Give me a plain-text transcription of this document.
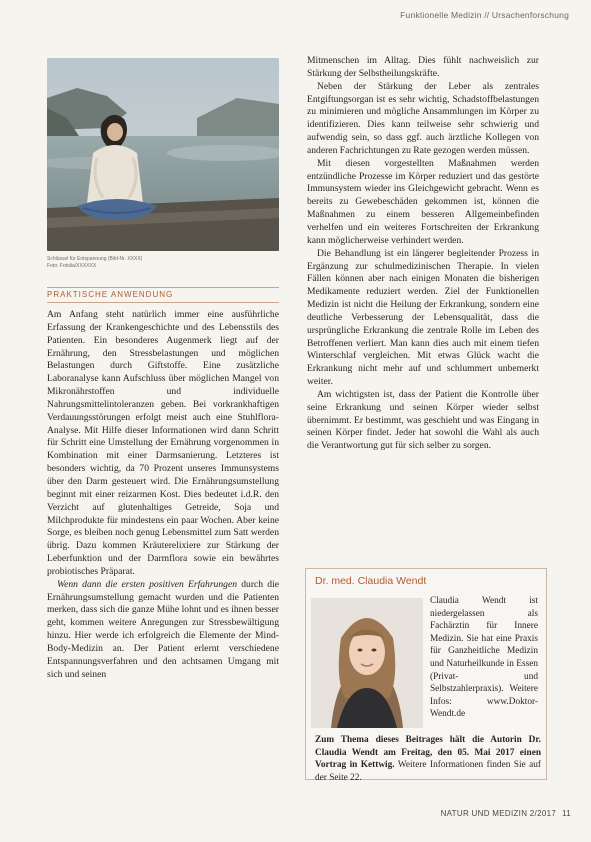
Funktionelle Medizin // Ursachenforschung
Schlüssel für Entspannung (Bild-Nr. XXXX)
Foto: Fotolia/XXXXXX
PRAKTISCHE ANWENDUNG

Am Anfang steht natürlich immer eine ausführliche Erfassung der Krankengeschichte und des Lebensstils des Patienten. Ein besonderes Augenmerk liegt auf der Ernährung, den Stressbelastungen und möglichen Belastungen durch Giftstoffe. Eine zusätzliche Laboranalyse kann Aufschluss über möglichen Mangel von Mikronährstoffen und individuelle Nahrungsmittelintoleranzen geben. Bei vorkrankhaftigen Verdauungsstörungen erfolgt meist auch eine Stuhlflora-Analyse. Mit Hilfe dieser Informationen wird dann Schritt für Schritt eine Umstellung der Ernährung vorgenommen in Kombination mit einer Darmsanierung. Letzteres ist besonders wichtig, da 70 Prozent unseres Immunsystems über den Darm gesteuert wird. Die Ernährungsumstellung beginnt mit einer reizarmen Kost. Dies bedeutet i.d.R. den Verzicht auf glutenhaltiges Getreide, Soja und Milchprodukte für mindestens ein paar Wochen. Aber keine Sorge, es bleiben noch genug Lebensmittel zum Satt werden übrig. Dazu kommen Kräuterelixiere zur Stärkung der Leberfunktion und der Darmflora sowie ein bewährtes probiotisches Präparat.

Wenn dann die ersten positiven Erfahrungen durch die Ernährungsumstellung gemacht wurden und die Patienten merken, dass sich die ganze Mühe lohnt und es ihnen besser geht, kommen weitere Anregungen zur Stressbewältigung hinzu. Hier werde ich erfolgreich die Elemente der Mind-Body-Medizin an. Der Patient erlernt verschiedene Entspannungsverfahren und den achtsamen Umgang mit sich und seinen

Mitmenschen im Alltag. Dies fühlt nachweislich zur Stärkung der Selbstheilungskräfte.

Neben der Stärkung der Leber als zentrales Entgiftungsorgan ist es sehr wichtig, Schadstoffbelastungen zu minimieren und mögliche Ansammlungen im Körper zu identifizieren. Dies kann teilweise sehr schwierig und aufwendig sein, so dass ggf. auch ärztliche Kollegen von anderen Fachrichtungen zu Rate gezogen werden müssen.

Mit diesen vorgestellten Maßnahmen werden entzündliche Prozesse im Körper reduziert und das gestörte Immunsystem wieder ins Gleichgewicht gebracht. Wenn es bereits zu Gewebeschäden gekommen ist, können die Maßnahmen zu einem besseren Allgemeinbefinden verhelfen und ein weiteres Fortschreiten der Erkrankung kann möglicherweise verhindert werden.

Die Behandlung ist ein längerer begleitender Prozess in Ergänzung zur schulmedizinischen Therapie. In vielen Fällen können aber nach einigen Monaten die bisherigen Medikamente reduziert werden. Ziel der Funktionellen Medizin ist nicht die Heilung der Erkrankung, sondern eine deutliche Verbesserung der Lebensqualität, dass die ursprüngliche Erkrankung die zentrale Rolle im Leben des Betroffenen verliert. Man kann dies auch mit einem tiefen Winterschlaf vergleichen. Mit etwas Glück wacht die Erkrankung nicht mehr auf und schlummert unbemerkt weiter.

Am wichtigsten ist, dass der Patient die Kontrolle über seine Erkrankung und seinen Körper wieder selbst übernimmt. Er bestimmt, was geschieht und was Eingang in seinen Körper findet. Jeder hat sowohl die Wahl als auch die Verantwortung gut für sich selber zu sorgen.

Dr. med. Claudia Wendt
Claudia Wendt ist niedergelassen als Fachärztin für Innere Medizin. Sie hat eine Praxis für Ganzheitliche Medizin und Naturheilkunde in Essen (Privat- und Selbstzahlerpraxis). Weitere Infos: www.Doktor-Wendt.de
Zum Thema dieses Beitrages hält die Autorin Dr. Claudia Wendt am Freitag, den 05. Mai 2017 einen Vortrag in Kettwig. Weitere Informationen finden Sie auf der Seite 22.
NATUR UND MEDIZIN 2/2017 11
